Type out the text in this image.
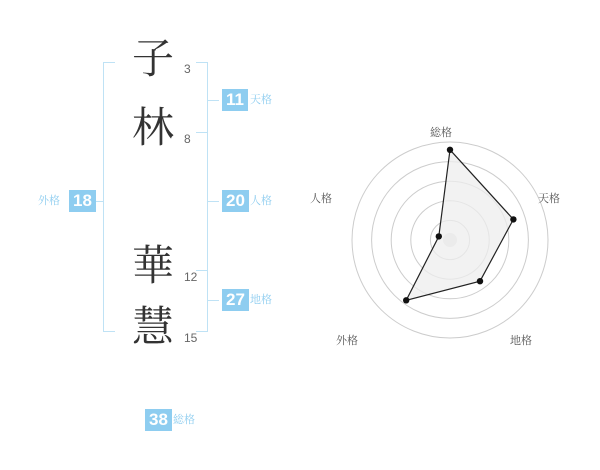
子 3
林 8
華 12
慧 15
11 天格
20 人格
27 地格
外格 18
38 総格
総格
天格
地格
外格
人格
